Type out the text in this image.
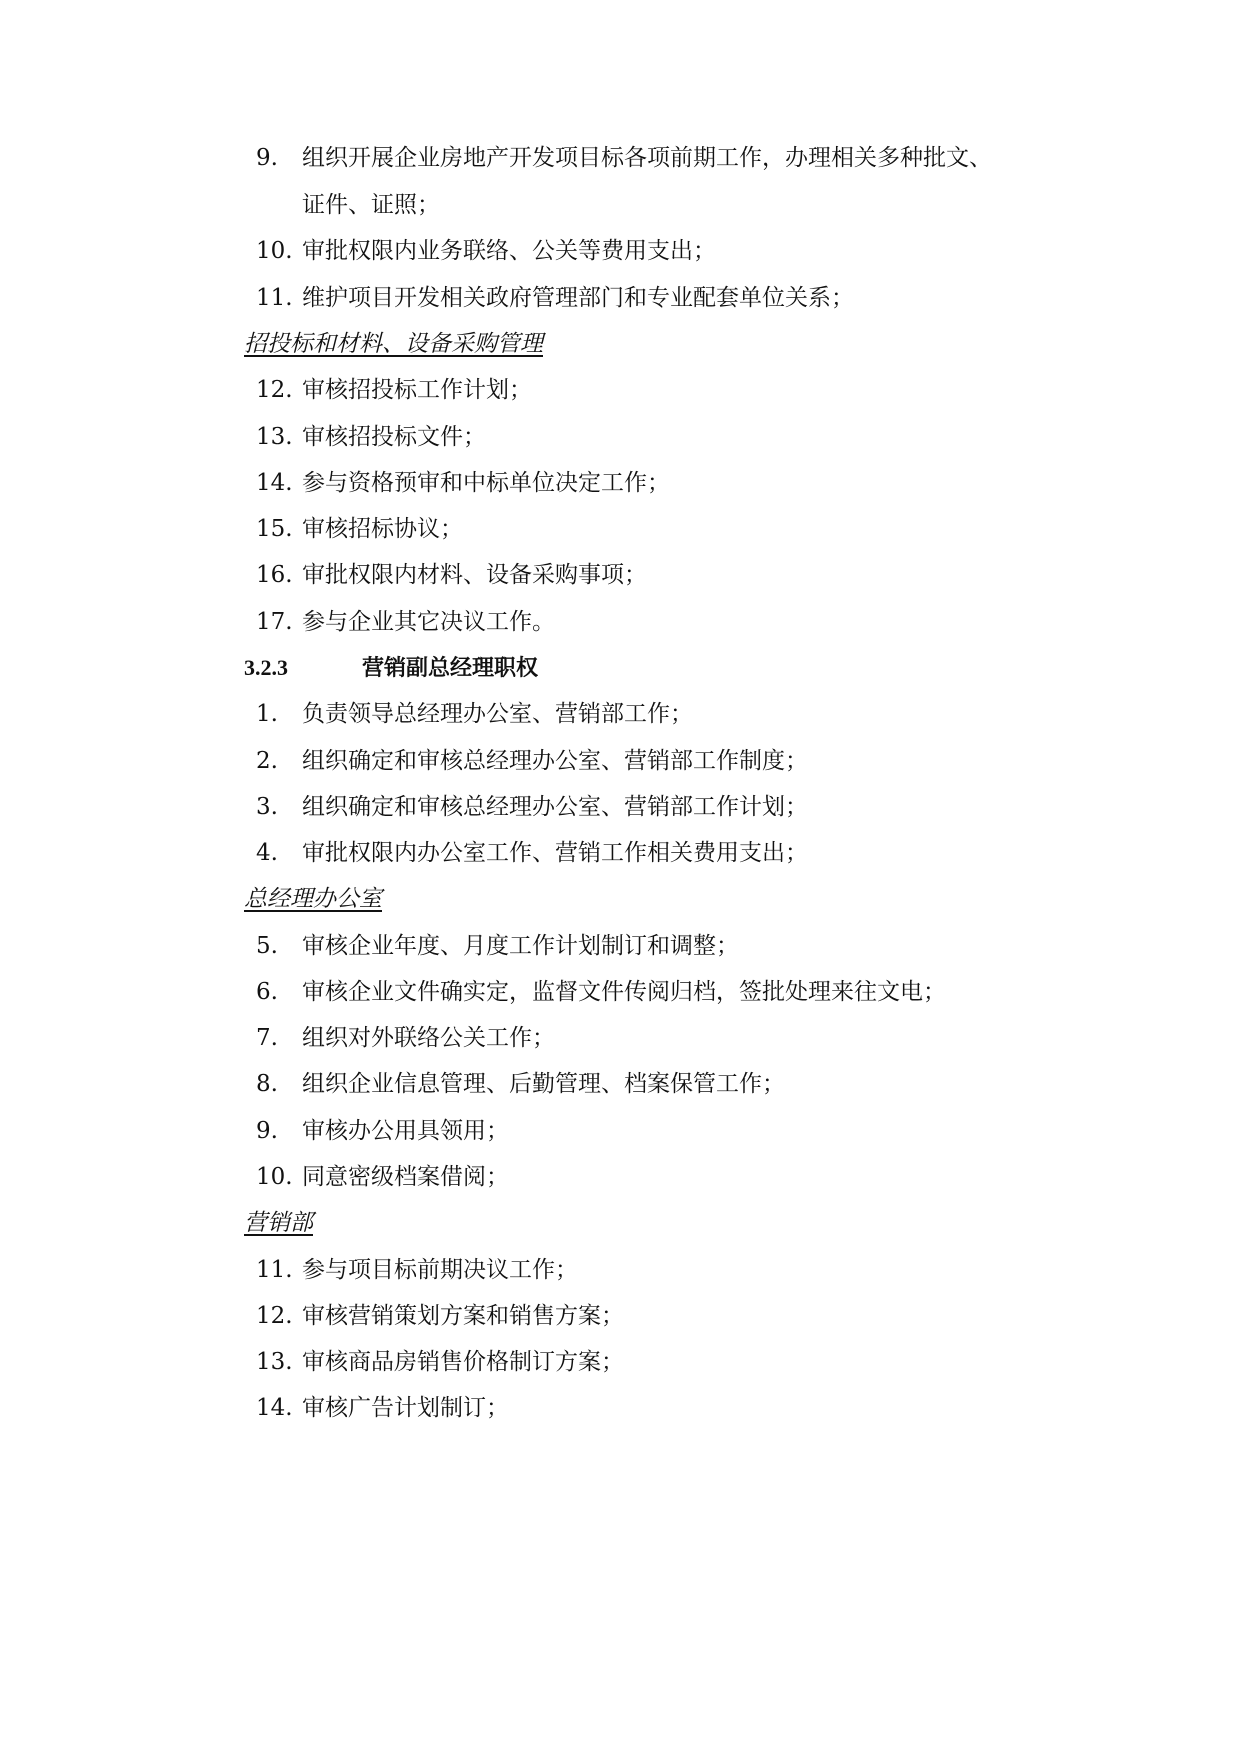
9. 组织开展企业房地产开发项目标各项前期工作，办理相关多种批文、
证件、证照；
10. 审批权限内业务联络、公关等费用支出；
11. 维护项目开发相关政府管理部门和专业配套单位关系；
招投标和材料、设备采购管理
12. 审核招投标工作计划；
13. 审核招投标文件；
14. 参与资格预审和中标单位决定工作；
15. 审核招标协议；
16. 审批权限内材料、设备采购事项；
17. 参与企业其它决议工作。
3.2.3	营销副总经理职权
1. 负责领导总经理办公室、营销部工作；
2. 组织确定和审核总经理办公室、营销部工作制度；
3. 组织确定和审核总经理办公室、营销部工作计划；
4. 审批权限内办公室工作、营销工作相关费用支出；
总经理办公室
5. 审核企业年度、月度工作计划制订和调整；
6. 审核企业文件确实定，监督文件传阅归档，签批处理来往文电；
7. 组织对外联络公关工作；
8. 组织企业信息管理、后勤管理、档案保管工作；
9. 审核办公用具领用；
10. 同意密级档案借阅；
营销部
11. 参与项目标前期决议工作；
12. 审核营销策划方案和销售方案；
13. 审核商品房销售价格制订方案；
14. 审核广告计划制订；
